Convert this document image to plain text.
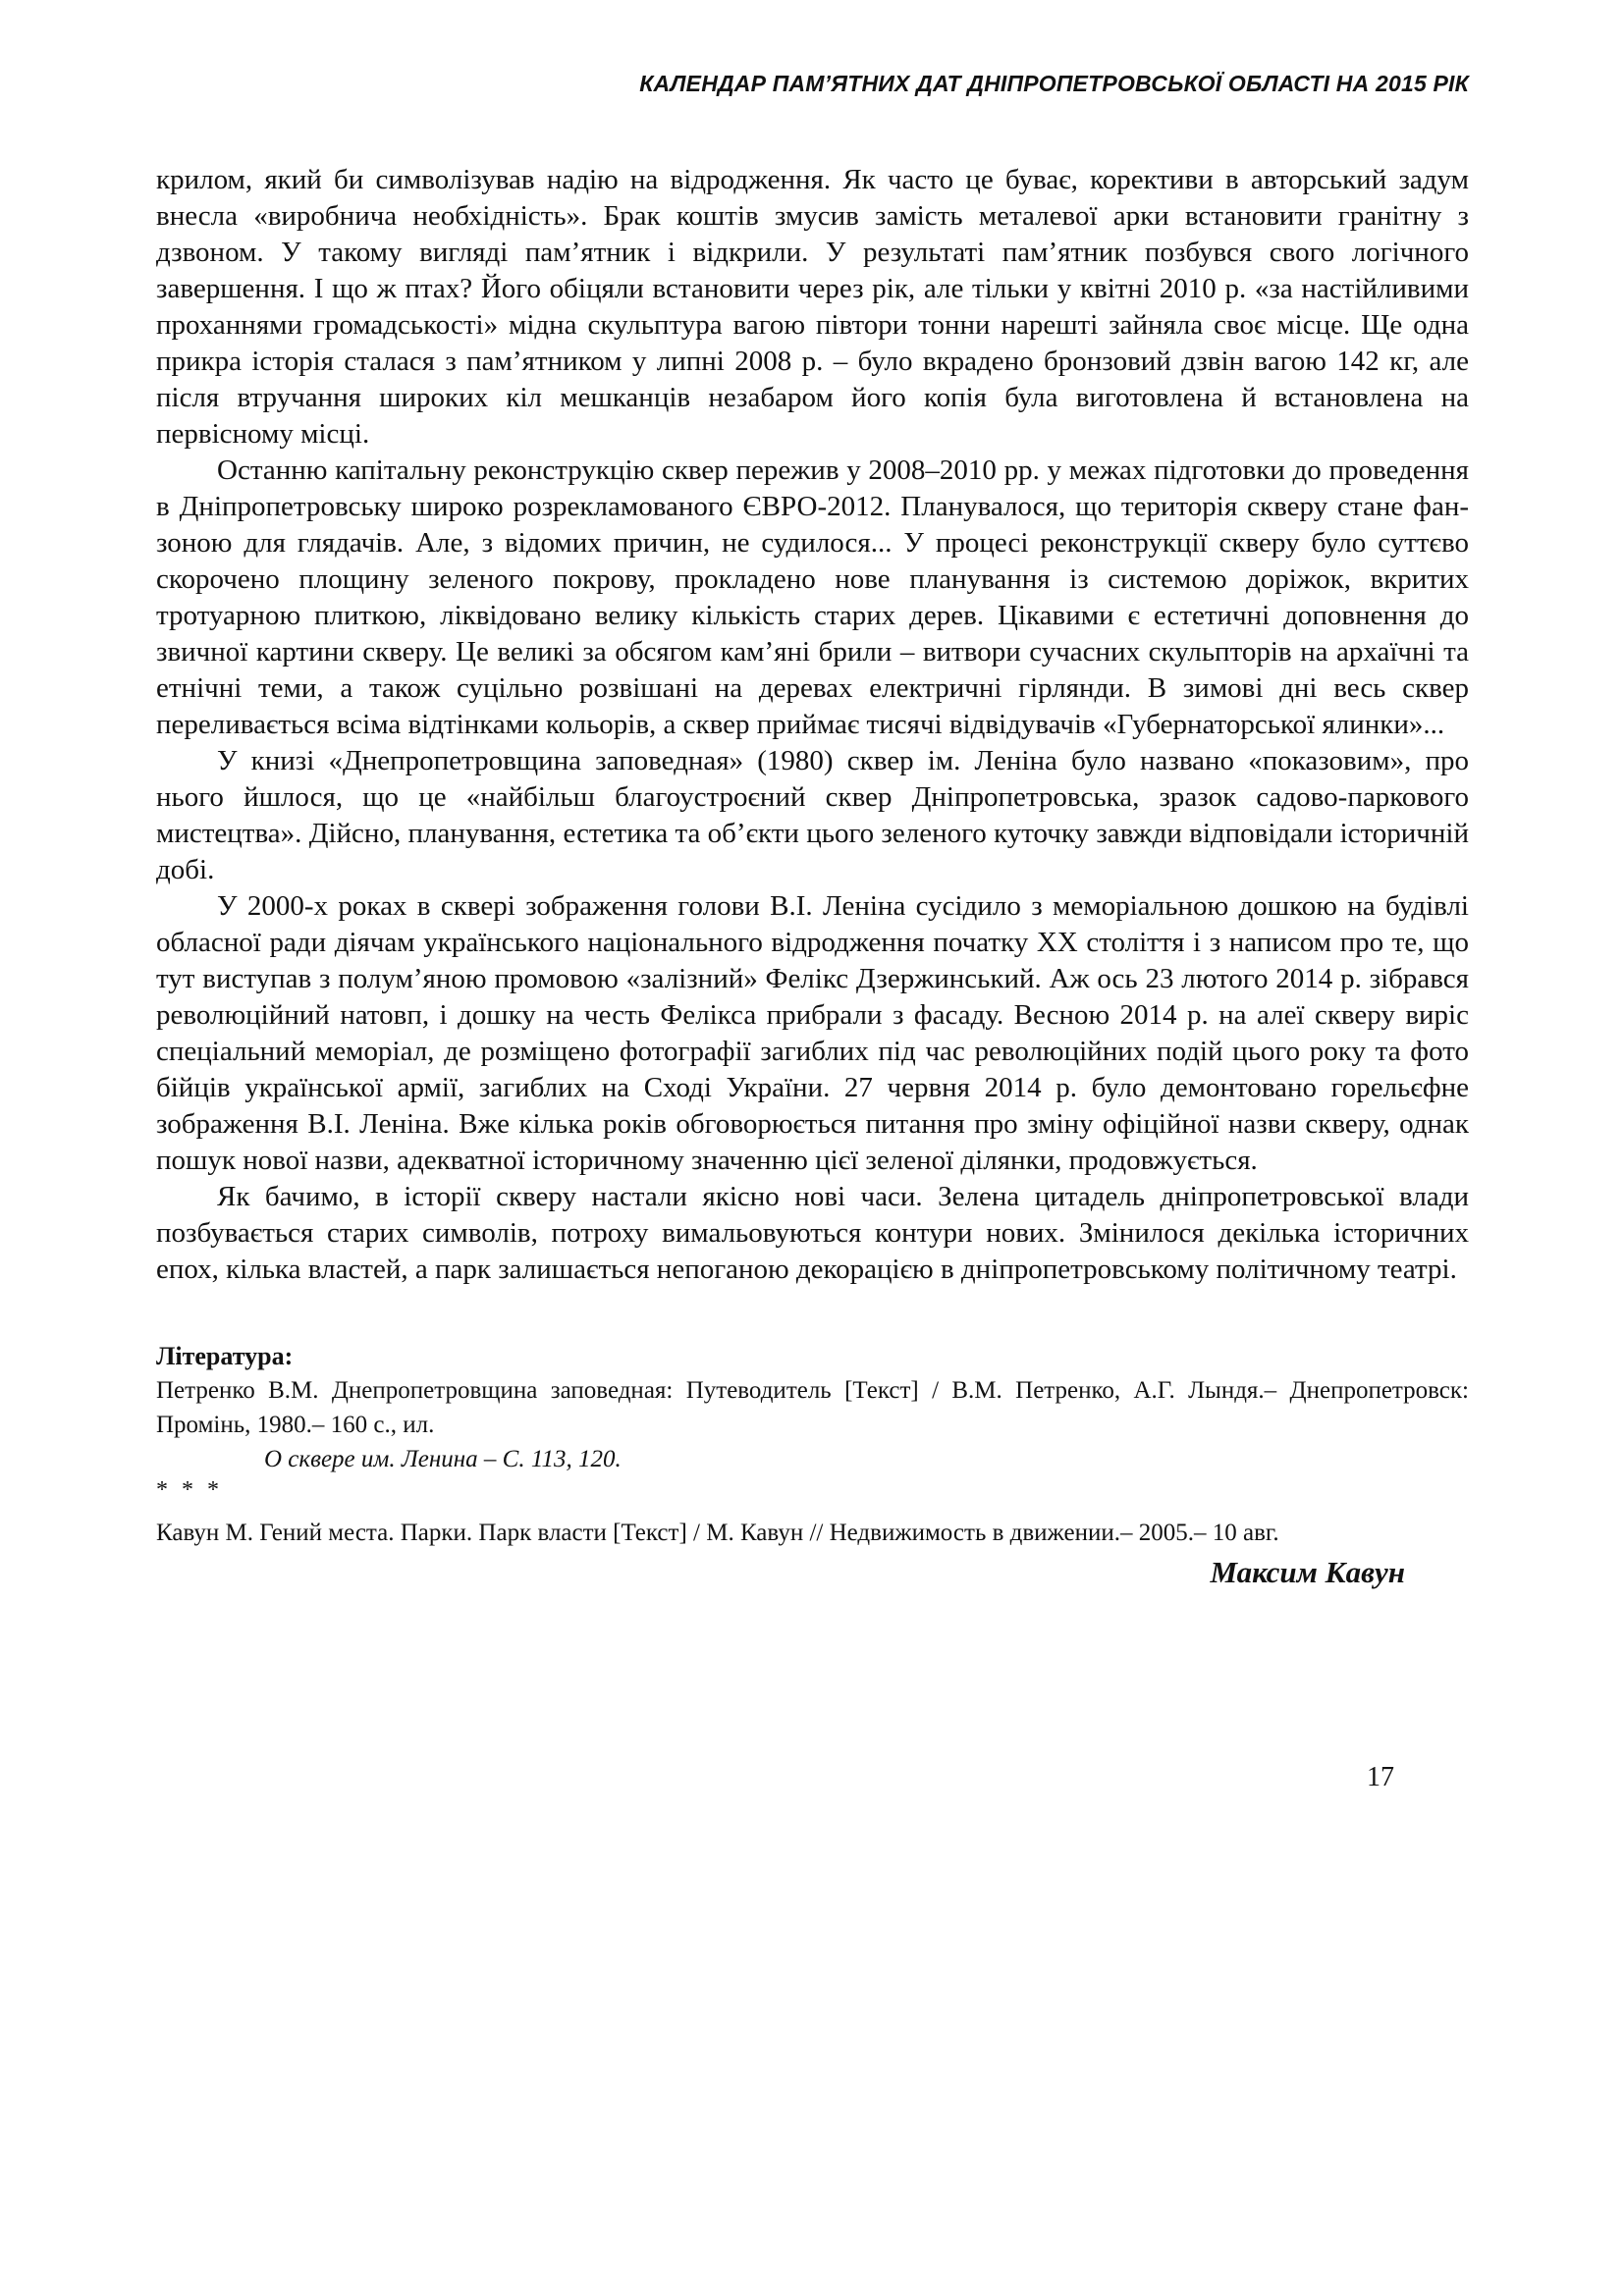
КАЛЕНДАР ПАМ’ЯТНИХ ДАТ ДНІПРОПЕТРОВСЬКОЇ ОБЛАСТІ НА 2015 РІК

крилом, який би символізував надію на відродження. Як часто це буває, корективи в авторський задум внесла «виробнича необхідність». Брак коштів змусив замість металевої арки встановити гранітну з дзвоном. У такому вигляді пам’ятник і відкрили. У результаті пам’ятник позбувся свого логічного завершення. І що ж птах? Його обіцяли встановити через рік, але тільки у квітні 2010 р. «за настійливими проханнями громадськості» мідна скульптура вагою півтори тонни нарешті зайняла своє місце. Ще одна прикра історія сталася з пам’ятником у липні 2008 р. – було вкрадено бронзовий дзвін вагою 142 кг, але після втручання широких кіл мешканців незабаром його копія була виготовлена й встановлена на первісному місці.

Останню капітальну реконструкцію сквер пережив у 2008–2010 рр. у межах підготовки до проведення в Дніпропетровську широко розрекламованого ЄВРО-2012. Планувалося, що територія скверу стане фан-зоною для глядачів. Але, з відомих причин, не судилося... У процесі реконструкції скверу було суттєво скорочено площину зеленого покрову, прокладено нове планування із системою доріжок, вкритих тротуарною плиткою, ліквідовано велику кількість старих дерев. Цікавими є естетичні доповнення до звичної картини скверу. Це великі за обсягом кам’яні брили – витвори сучасних скульпторів на архаїчні та етнічні теми, а також суцільно розвішані на деревах електричні гірлянди. В зимові дні весь сквер переливається всіма відтінками кольорів, а сквер приймає тисячі відвідувачів «Губернаторської ялинки»...

У книзі «Днепропетровщина заповедная» (1980) сквер ім. Леніна було названо «показовим», про нього йшлося, що це «найбільш благоустроєний сквер Дніпропетровська, зразок садово-паркового мистецтва». Дійсно, планування, естетика та об’єкти цього зеленого куточку завжди відповідали історичній добі.

У 2000-х роках в сквері зображення голови В.І. Леніна сусідило з меморіальною дошкою на будівлі обласної ради діячам українського національного відродження початку XX століття і з написом про те, що тут виступав з полум’яною промовою «залізний» Фелікс Дзержинський. Аж ось 23 лютого 2014 р. зібрався революційний натовп, і дошку на честь Фелікса прибрали з фасаду. Весною 2014 р. на алеї скверу виріс спеціальний меморіал, де розміщено фотографії загиблих під час революційних подій цього року та фото бійців української армії, загиблих на Сході України. 27 червня 2014 р. було демонтовано горельєфне зображення В.І. Леніна. Вже кілька років обговорюється питання про зміну офіційної назви скверу, однак пошук нової назви, адекватної історичному значенню цієї зеленої ділянки, продовжується.

Як бачимо, в історії скверу настали якісно нові часи. Зелена цитадель дніпропетровської влади позбувається старих символів, потроху вимальовуються контури нових. Змінилося декілька історичних епох, кілька властей, а парк залишається непоганою декорацією в дніпропетровському політичному театрі.

Література:

Петренко В.М. Днепропетровщина заповедная: Путеводитель [Текст] / В.М. Петренко, А.Г. Лындя.– Днепропетровск: Промінь, 1980.– 160 с., ил.

О сквере им. Ленина – С. 113, 120.

* * *

Кавун М. Гений места. Парки. Парк власти [Текст] / М. Кавун // Недвижимость в движении.– 2005.– 10 авг.

Максим Кавун

17
